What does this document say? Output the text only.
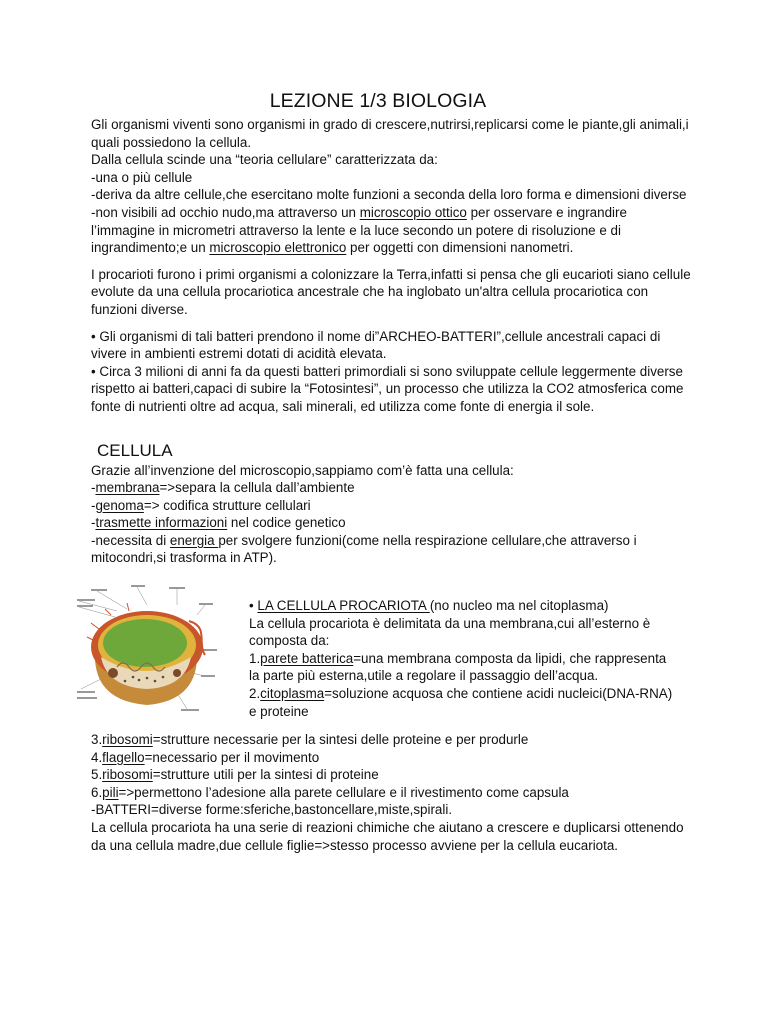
LEZIONE 1/3 BIOLOGIA

Gli organismi viventi sono organismi in grado di crescere,nutrirsi,replicarsi come le piante,gli animali,i quali possiedono la cellula.

Dalla cellula scinde una “teoria cellulare” caratterizzata da:

-una o più cellule

-deriva da altre cellule,che esercitano molte funzioni a seconda della loro forma e dimensioni diverse

-non visibili ad occhio nudo,ma attraverso un microscopio ottico per osservare e ingrandire l’immagine in micrometri attraverso la lente e la luce secondo un potere di risoluzione e di ingrandimento;e un microscopio elettronico per oggetti con dimensioni nanometri.

I procarioti furono i primi organismi a colonizzare la Terra,infatti si pensa che gli eucarioti siano cellule evolute da una cellula procariotica ancestrale che ha inglobato un'altra cellula procariotica con funzioni diverse.

• Gli organismi di tali batteri prendono il nome di”ARCHEO-BATTERI”,cellule ancestrali capaci di vivere in ambienti estremi dotati di acidità elevata.

• Circa 3 milioni di anni fa da questi batteri primordiali si sono sviluppate cellule leggermente diverse rispetto ai batteri,capaci di subire la “Fotosintesi”, un processo che utilizza la CO2 atmosferica come fonte di nutrienti oltre ad acqua, sali minerali, ed utilizza come fonte di energia il sole.

CELLULA

Grazie all’invenzione del microscopio,sappiamo com’è fatta una cellula:

-membrana=>separa la cellula dall’ambiente

-genoma=> codifica strutture cellulari

-trasmette informazioni nel codice genetico

-necessita di energia per svolgere funzioni(come nella respirazione cellulare,che attraverso i mitocondri,si trasforma in ATP).

• LA CELLULA PROCARIOTA (no nucleo ma nel citoplasma)

La cellula procariota è delimitata da una membrana,cui all’esterno è composta da:

1.parete batterica=una membrana composta da lipidi, che rappresenta la parte più esterna,utile a regolare il passaggio dell’acqua.

2.citoplasma=soluzione acquosa che contiene acidi nucleici(DNA-RNA) e proteine

3.ribosomi=strutture necessarie per la sintesi delle proteine e per produrle

4.flagello=necessario per il movimento

5.ribosomi=strutture utili per la sintesi di proteine

6.pili=>permettono l’adesione alla parete cellulare e il rivestimento come capsula

-BATTERI=diverse forme:sferiche,bastoncellare,miste,spirali.

La cellula procariota ha una serie di reazioni chimiche che aiutano a crescere e duplicarsi ottenendo da una cellula madre,due cellule figlie=>stesso processo avviene per la cellula eucariota.
